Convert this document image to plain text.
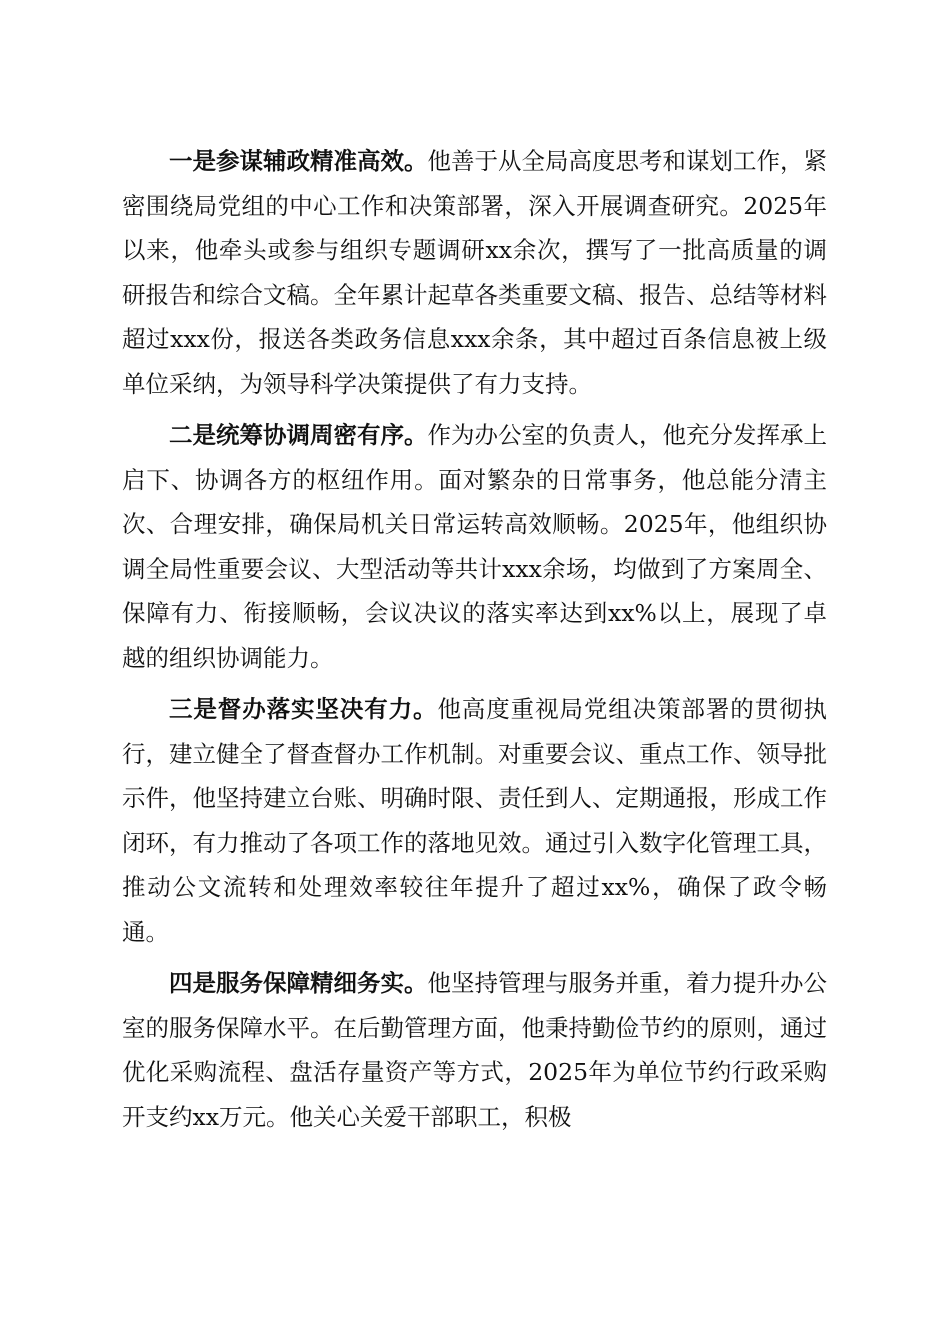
一是参谋辅政精准高效。他善于从全局高度思考和谋划工作，紧密围绕局党组的中心工作和决策部署，深入开展调查研究。2025年以来，他牵头或参与组织专题调研xx余次，撰写了一批高质量的调研报告和综合文稿。全年累计起草各类重要文稿、报告、总结等材料超过xxx份，报送各类政务信息xxx余条，其中超过百条信息被上级单位采纳，为领导科学决策提供了有力支持。

二是统筹协调周密有序。作为办公室的负责人，他充分发挥承上启下、协调各方的枢纽作用。面对繁杂的日常事务，他总能分清主次、合理安排，确保局机关日常运转高效顺畅。2025年，他组织协调全局性重要会议、大型活动等共计xxx余场，均做到了方案周全、保障有力、衔接顺畅，会议决议的落实率达到xx%以上，展现了卓越的组织协调能力。

三是督办落实坚决有力。他高度重视局党组决策部署的贯彻执行，建立健全了督查督办工作机制。对重要会议、重点工作、领导批示件，他坚持建立台账、明确时限、责任到人、定期通报，形成工作闭环，有力推动了各项工作的落地见效。通过引入数字化管理工具，推动公文流转和处理效率较往年提升了超过xx%，确保了政令畅通。

四是服务保障精细务实。他坚持管理与服务并重，着力提升办公室的服务保障水平。在后勤管理方面，他秉持勤俭节约的原则，通过优化采购流程、盘活存量资产等方式，2025年为单位节约行政采购开支约xx万元。他关心关爱干部职工，积极
